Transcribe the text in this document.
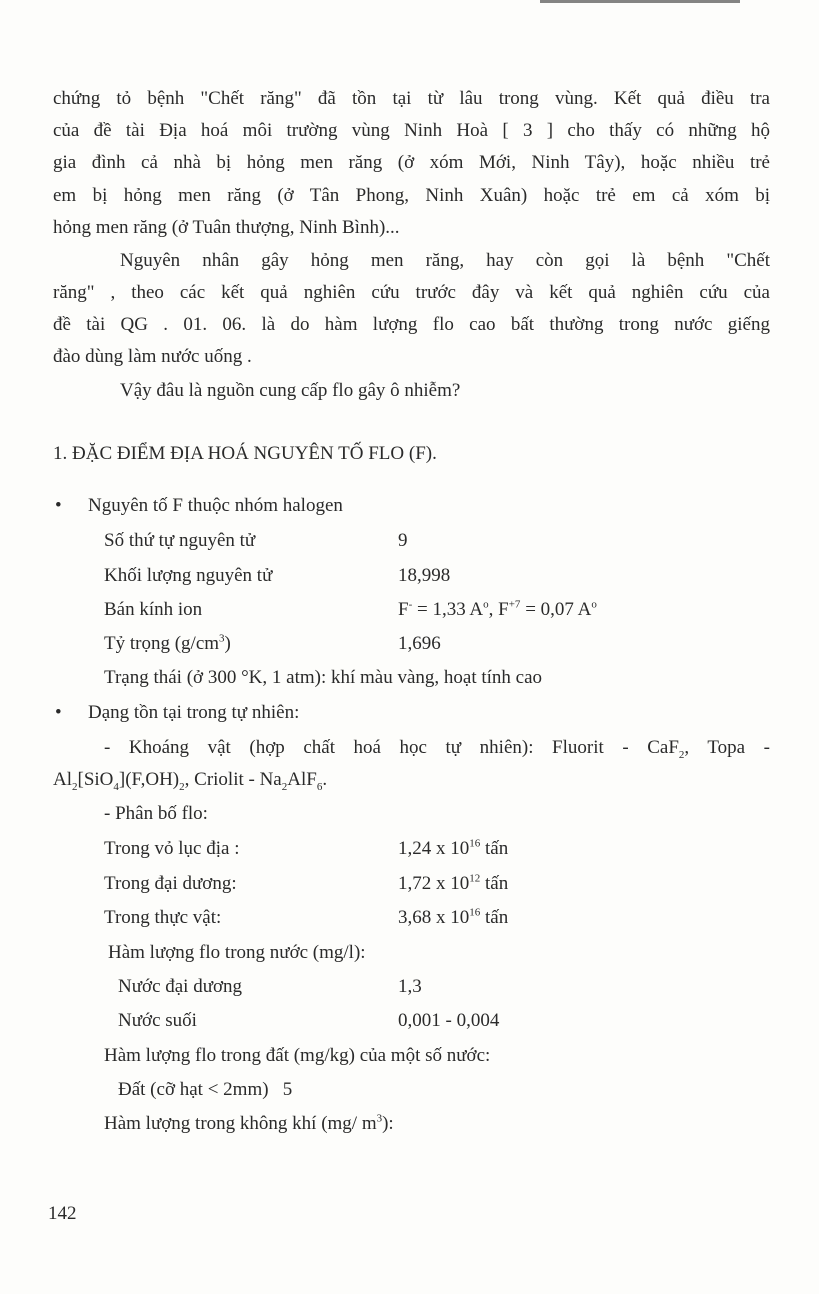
chứng tỏ bệnh "Chết răng" đã tồn tại từ lâu trong vùng. Kết quả điều tra
của đề tài Địa hoá môi trường vùng Ninh Hoà [ 3 ] cho thấy có những hộ
gia đình cả nhà bị hỏng men răng (ở xóm Mới, Ninh Tây), hoặc nhiều trẻ
em bị hỏng men răng (ở Tân Phong, Ninh Xuân) hoặc trẻ em cả xóm bị
hỏng men răng (ở Tuân thượng, Ninh Bình)...
Nguyên nhân gây hỏng men răng, hay còn gọi là bệnh "Chết
răng" , theo các kết quả nghiên cứu trước đây và kết quả nghiên cứu của
đề tài QG . 01. 06. là do hàm lượng flo cao bất thường trong nước giếng
đào dùng làm nước uống .
Vậy đâu là nguồn cung cấp flo gây ô nhiễm?
1. ĐẶC ĐIỂM ĐỊA HOÁ NGUYÊN TỐ FLO (F).
• Nguyên tố F thuộc nhóm halogen
Số thứ tự nguyên tử	9
Khối lượng nguyên tử	18,998
Bán kính ion	F- = 1,33 $A^o$, $F^{+7} = 0,07$ $A^o$
Tỷ trọng $(g/cm^3)$	1,696
Trạng thái (ở 300 °K, 1 atm): khí màu vàng, hoạt tính cao
• Dạng tồn tại trong tự nhiên:
- Khoáng vật (hợp chất hoá học tự nhiên): Fluorit - CaF$_2$, Topa -
$Al_2[SiO_4](F,OH)_2$, Criolit - $Na_2AlF_6$.
- Phân bố flo:
Trong vỏ lục địa :	1,24 x $10^{16}$ tấn
Trong đại dương:	1,72 x $10^{12}$ tấn
Trong thực vật:	3,68 x $10^{16}$ tấn
Hàm lượng flo trong nước (mg/l):
Nước đại dương	1,3
Nước suối	0,001 - 0,004
Hàm lượng flo trong đất (mg/kg) của một số nước:
Đất (cỡ hạt < 2mm)   5
Hàm lượng trong không khí (mg/ $m^3$):
142
